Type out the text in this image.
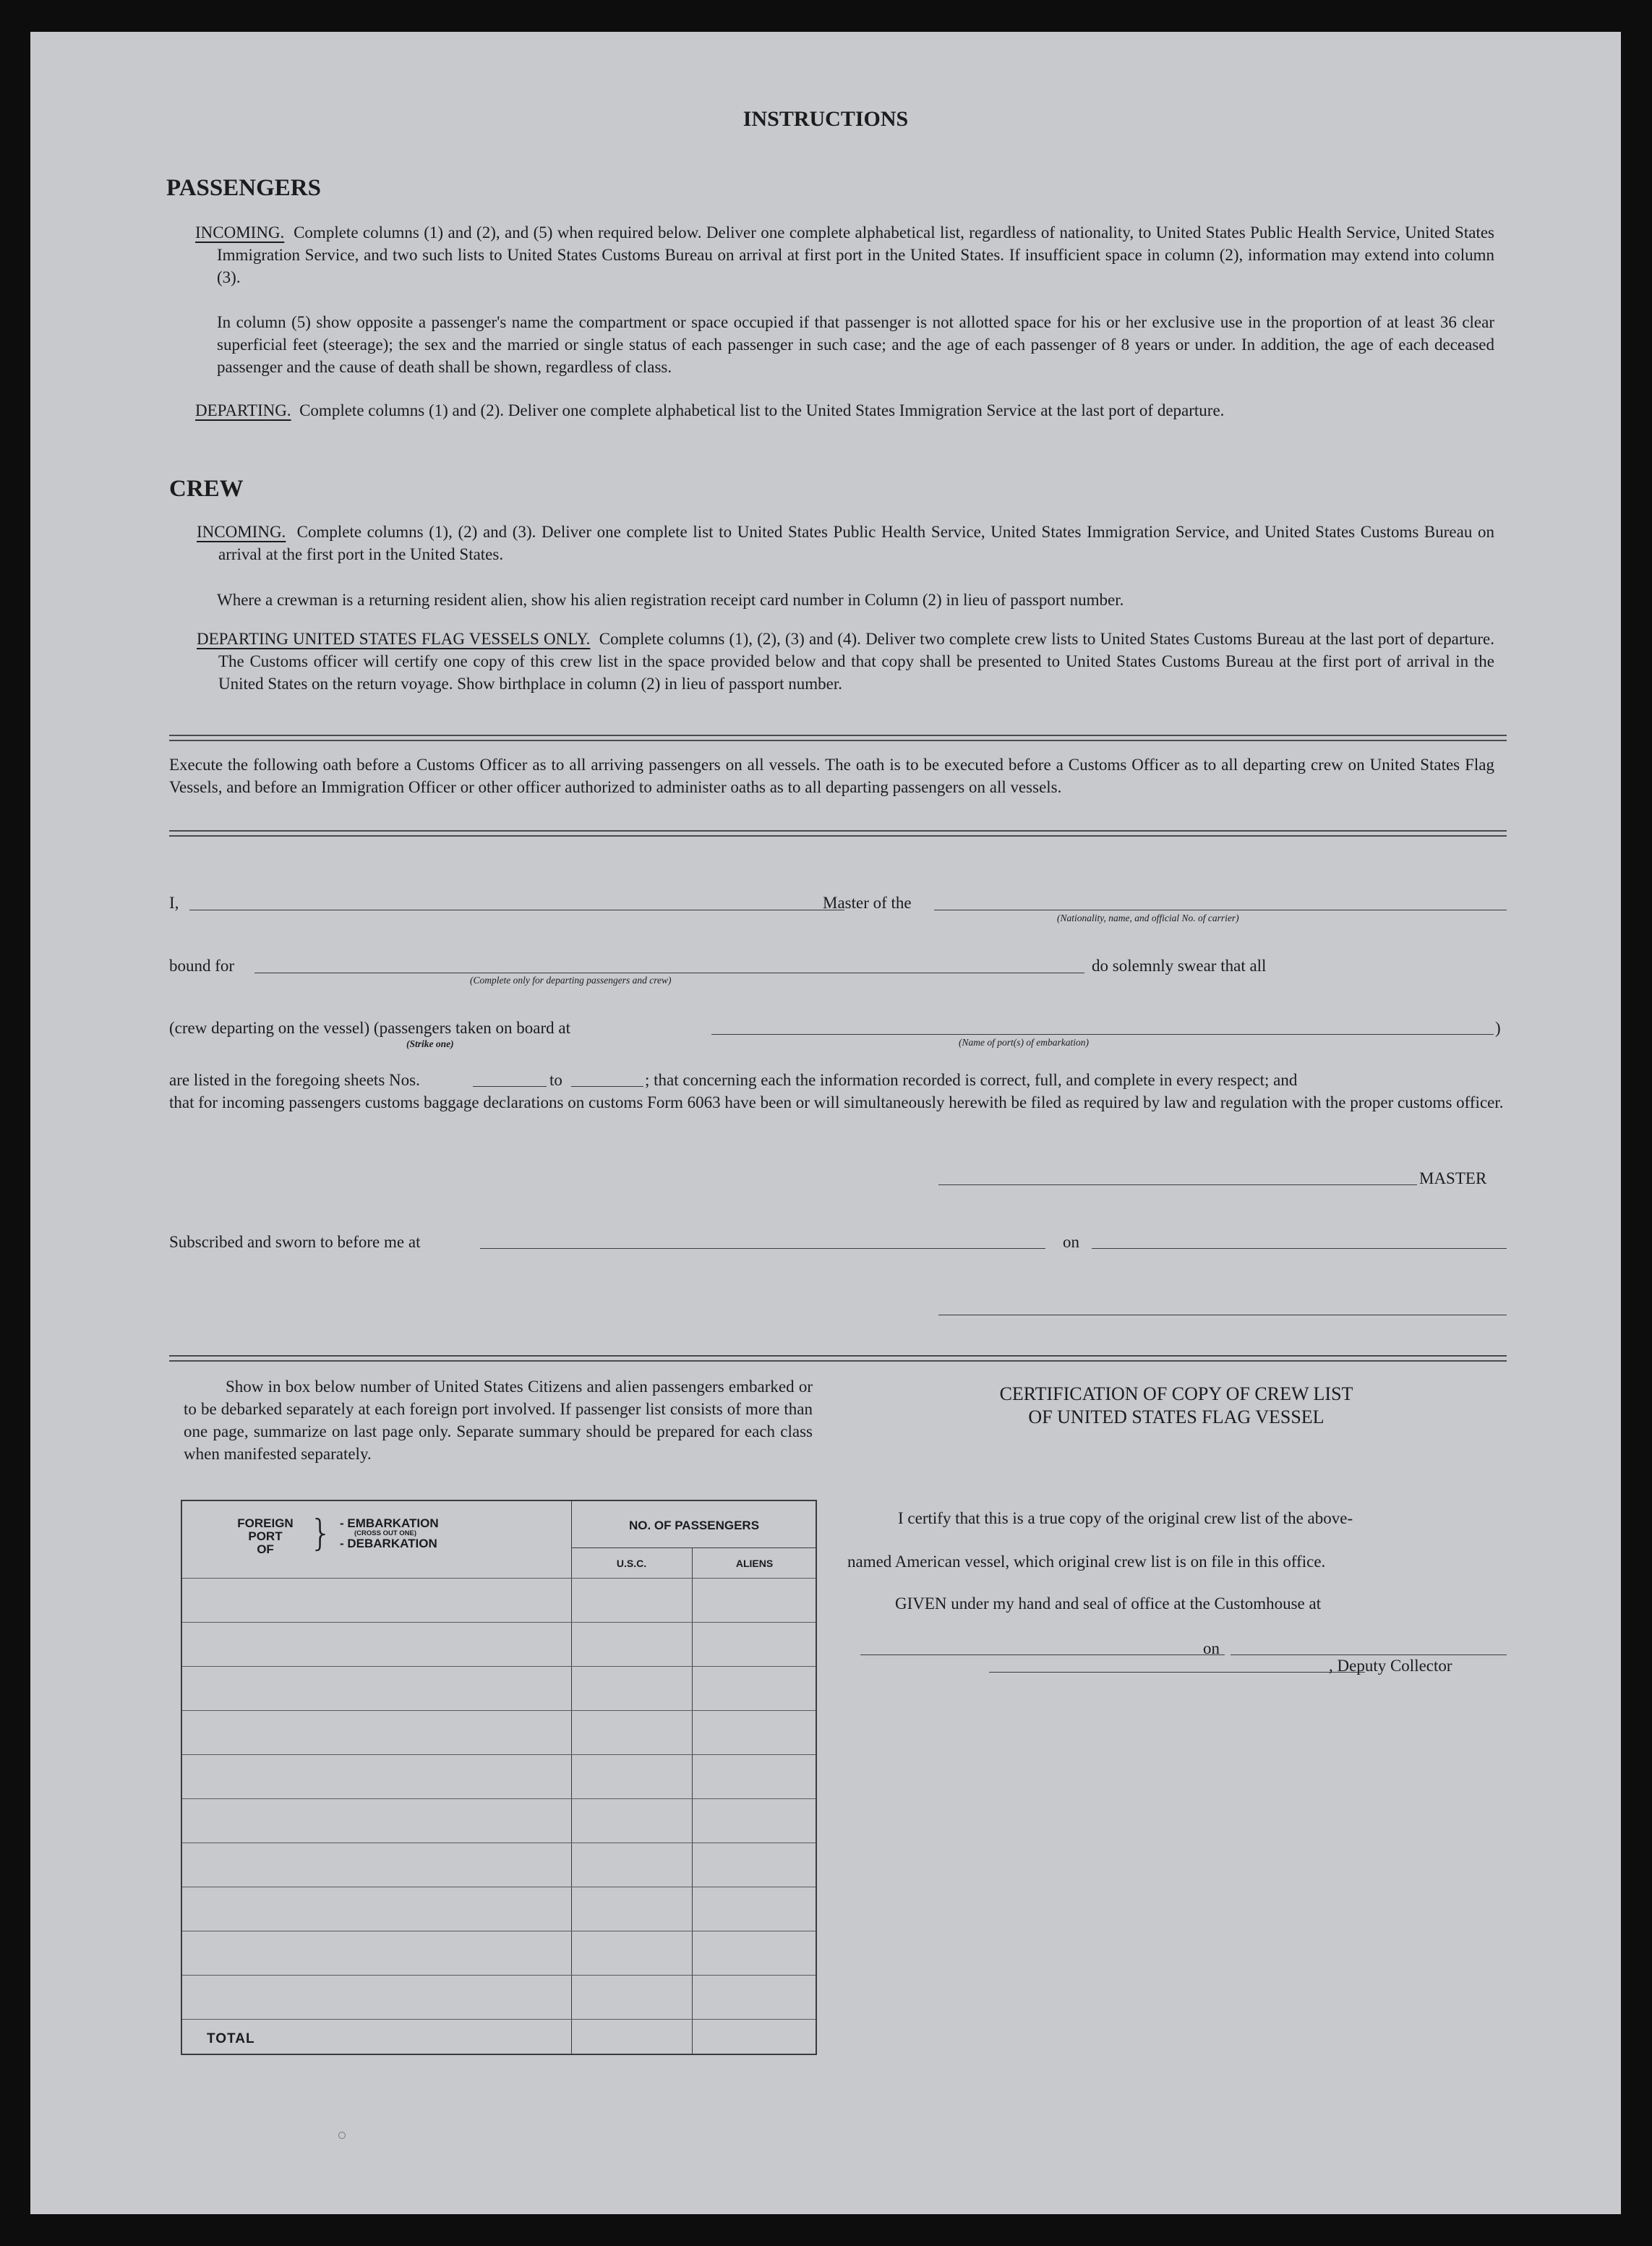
INSTRUCTIONS
PASSENGERS
INCOMING. Complete columns (1) and (2), and (5) when required below. Deliver one complete alphabetical list, regardless of nationality, to United States Public Health Service, United States Immigration Service, and two such lists to United States Customs Bureau on arrival at first port in the United States. If insufficient space in column (2), information may extend into column (3).
In column (5) show opposite a passenger's name the compartment or space occupied if that passenger is not allotted space for his or her exclusive use in the proportion of at least 36 clear superficial feet (steerage); the sex and the married or single status of each passenger in such case; and the age of each passenger of 8 years or under. In addition, the age of each deceased passenger and the cause of death shall be shown, regardless of class.
DEPARTING. Complete columns (1) and (2). Deliver one complete alphabetical list to the United States Immigration Service at the last port of departure.
CREW
INCOMING. Complete columns (1), (2) and (3). Deliver one complete list to United States Public Health Service, United States Immigration Service, and United States Customs Bureau on arrival at the first port in the United States.
Where a crewman is a returning resident alien, show his alien registration receipt card number in Column (2) in lieu of passport number.
DEPARTING UNITED STATES FLAG VESSELS ONLY. Complete columns (1), (2), (3) and (4). Deliver two complete crew lists to United States Customs Bureau at the last port of departure. The Customs officer will certify one copy of this crew list in the space provided below and that copy shall be presented to United States Customs Bureau at the first port of arrival in the United States on the return voyage. Show birthplace in column (2) in lieu of passport number.
Execute the following oath before a Customs Officer as to all arriving passengers on all vessels. The oath is to be executed before a Customs Officer as to all departing crew on United States Flag Vessels, and before an Immigration Officer or other officer authorized to administer oaths as to all departing passengers on all vessels.
I,	Master of the
(Nationality, name, and official No. of carrier)
bound for
(Complete only for departing passengers and crew)
do solemnly swear that all
(crew departing on the vessel) (passengers taken on board at
(Strike one)	(Name of port(s) of embarkation)
)
are listed in the foregoing sheets Nos.	to	; that concerning each the information recorded is correct, full, and complete in every respect; and
that for incoming passengers customs baggage declarations on customs Form 6063 have been or will simultaneously herewith be filed as required by law and regulation with the proper customs officer.
MASTER
Subscribed and sworn to before me at	on
Show in box below number of United States Citizens and alien passengers embarked or to be debarked separately at each foreign port involved. If passenger list consists of more than one page, summarize on last page only. Separate summary should be prepared for each class when manifested separately.
FOREIGN
PORT
OF } - EMBARKATION
(CROSS OUT ONE)
- DEBARKATION
NO. OF PASSENGERS
U.S.C.	ALIENS
TOTAL
CERTIFICATION OF COPY OF CREW LIST
OF UNITED STATES FLAG VESSEL
I certify that this is a true copy of the original crew list of the above-
named American vessel, which original crew list is on file in this office.
GIVEN under my hand and seal of office at the Customhouse at
on
, Deputy Collector
